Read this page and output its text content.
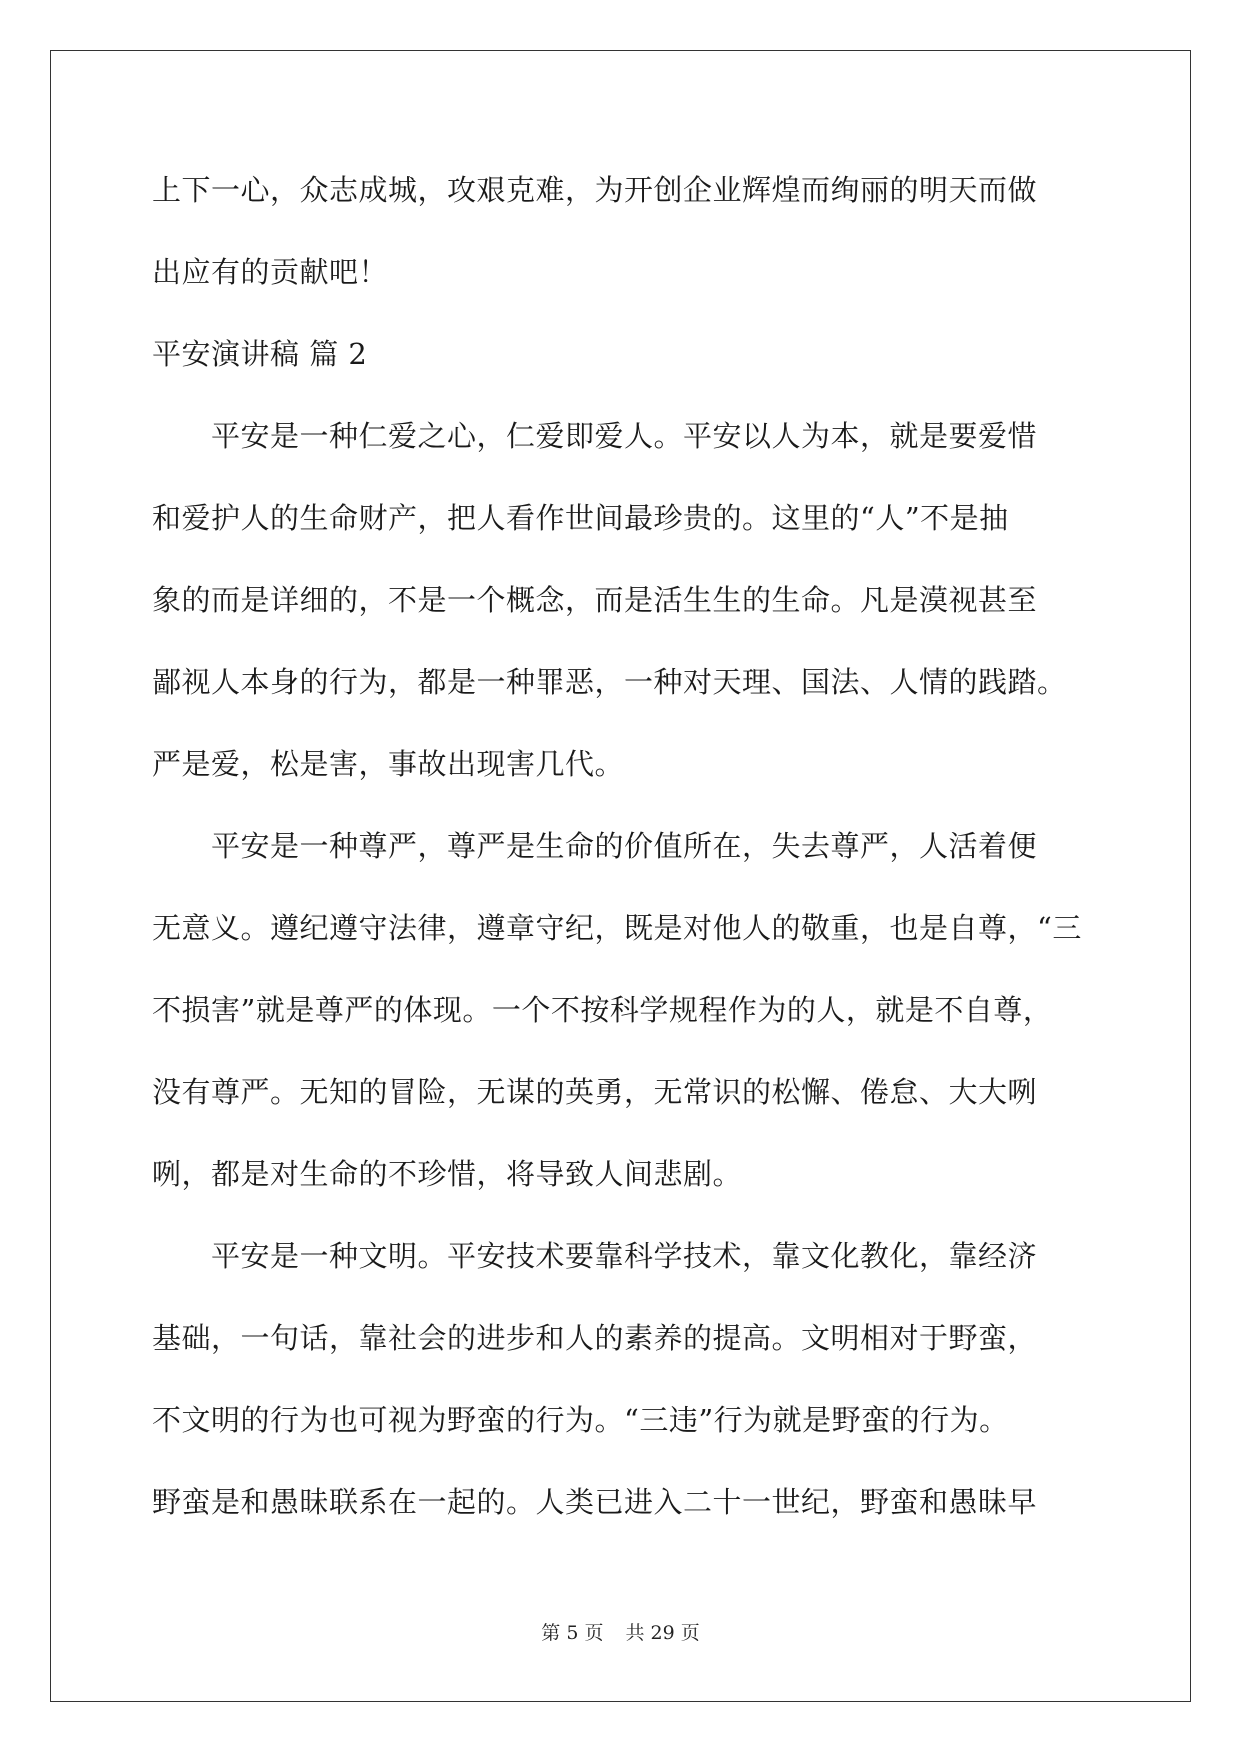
上下一心，众志成城，攻艰克难，为开创企业辉煌而绚丽的明天而做
出应有的贡献吧！
平安演讲稿 篇 2
　　平安是一种仁爱之心，仁爱即爱人。平安以人为本，就是要爱惜
和爱护人的生命财产，把人看作世间最珍贵的。这里的“人”不是抽
象的而是详细的，不是一个概念，而是活生生的生命。凡是漠视甚至
鄙视人本身的行为，都是一种罪恶，一种对天理、国法、人情的践踏。
严是爱，松是害，事故出现害几代。
　　平安是一种尊严，尊严是生命的价值所在，失去尊严，人活着便
无意义。遵纪遵守法律，遵章守纪，既是对他人的敬重，也是自尊，“三
不损害”就是尊严的体现。一个不按科学规程作为的人，就是不自尊，
没有尊严。无知的冒险，无谋的英勇，无常识的松懈、倦怠、大大咧
咧，都是对生命的不珍惜，将导致人间悲剧。
　　平安是一种文明。平安技术要靠科学技术，靠文化教化，靠经济
基础，一句话，靠社会的进步和人的素养的提高。文明相对于野蛮，
不文明的行为也可视为野蛮的行为。“三违”行为就是野蛮的行为。
野蛮是和愚昧联系在一起的。人类已进入二十一世纪，野蛮和愚昧早
第 5 页 共 29 页
